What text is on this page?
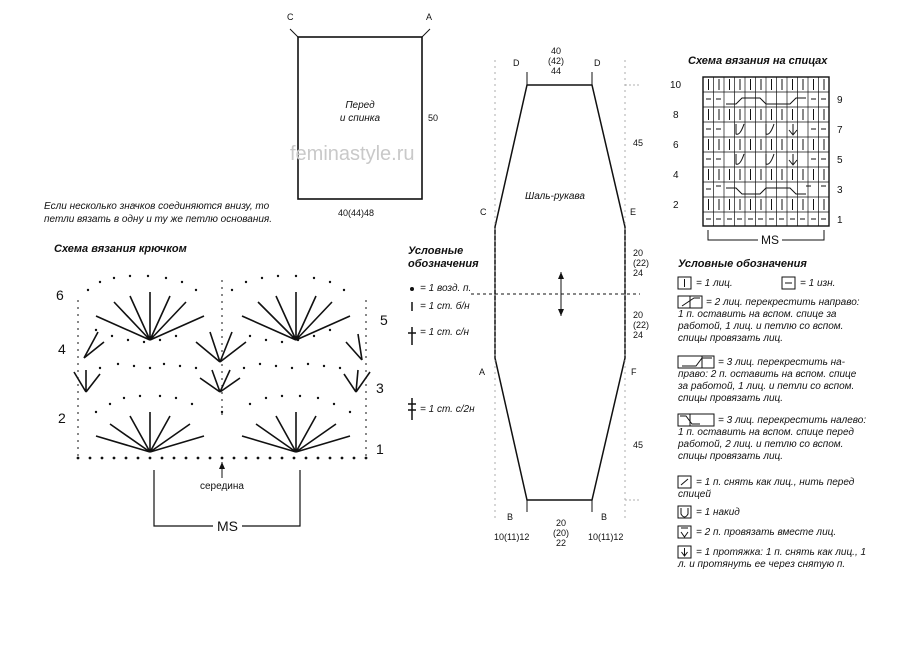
C	A
Перед
и спинка	50
40(44)48
feminastyle.ru
Если несколько значков соединяются внизу, то
петли вязать в одну и ту же петлю основания.
Схема вязания крючком
6
4
2
5
3
1
середина
MS
Условные
обозначения
= 1 возд. п.
= 1 ст. б/н
= 1 ст. с/н
= 1 ст. с/2н
40
(42)
44
D	D
45
Шаль-рукава
C	E
20
(22)
24
20
(22)
24
A	F
45
B	B
20
(20)
22
10(11)12	10(11)12
Схема вязания на спицах
10
8
6
4
2
9
7
5
3
1
MS
Условные обозначения
= 1 лиц.	= 1 изн.
= 2 лиц. перекрестить направо:
1 п. оставить на вспом. спице за
работой, 1 лиц. и петлю со вспом.
спицы провязать лиц.
= 3 лиц. перекрестить на-
право: 2 п. оставить на вспом. спице
за работой, 1 лиц. и петли со вспом.
спицы провязать лиц.
= 3 лиц. перекрестить налево:
1 п. оставить на вспом. спице перед
работой, 2 лиц. и петлю со вспом.
спицы провязать лиц.
= 1 п. снять как лиц., нить перед
спицей
= 1 накид
= 2 п. провязать вместе лиц.
= 1 протяжка: 1 п. снять как лиц., 1
л. и протянуть ее через снятую п.
